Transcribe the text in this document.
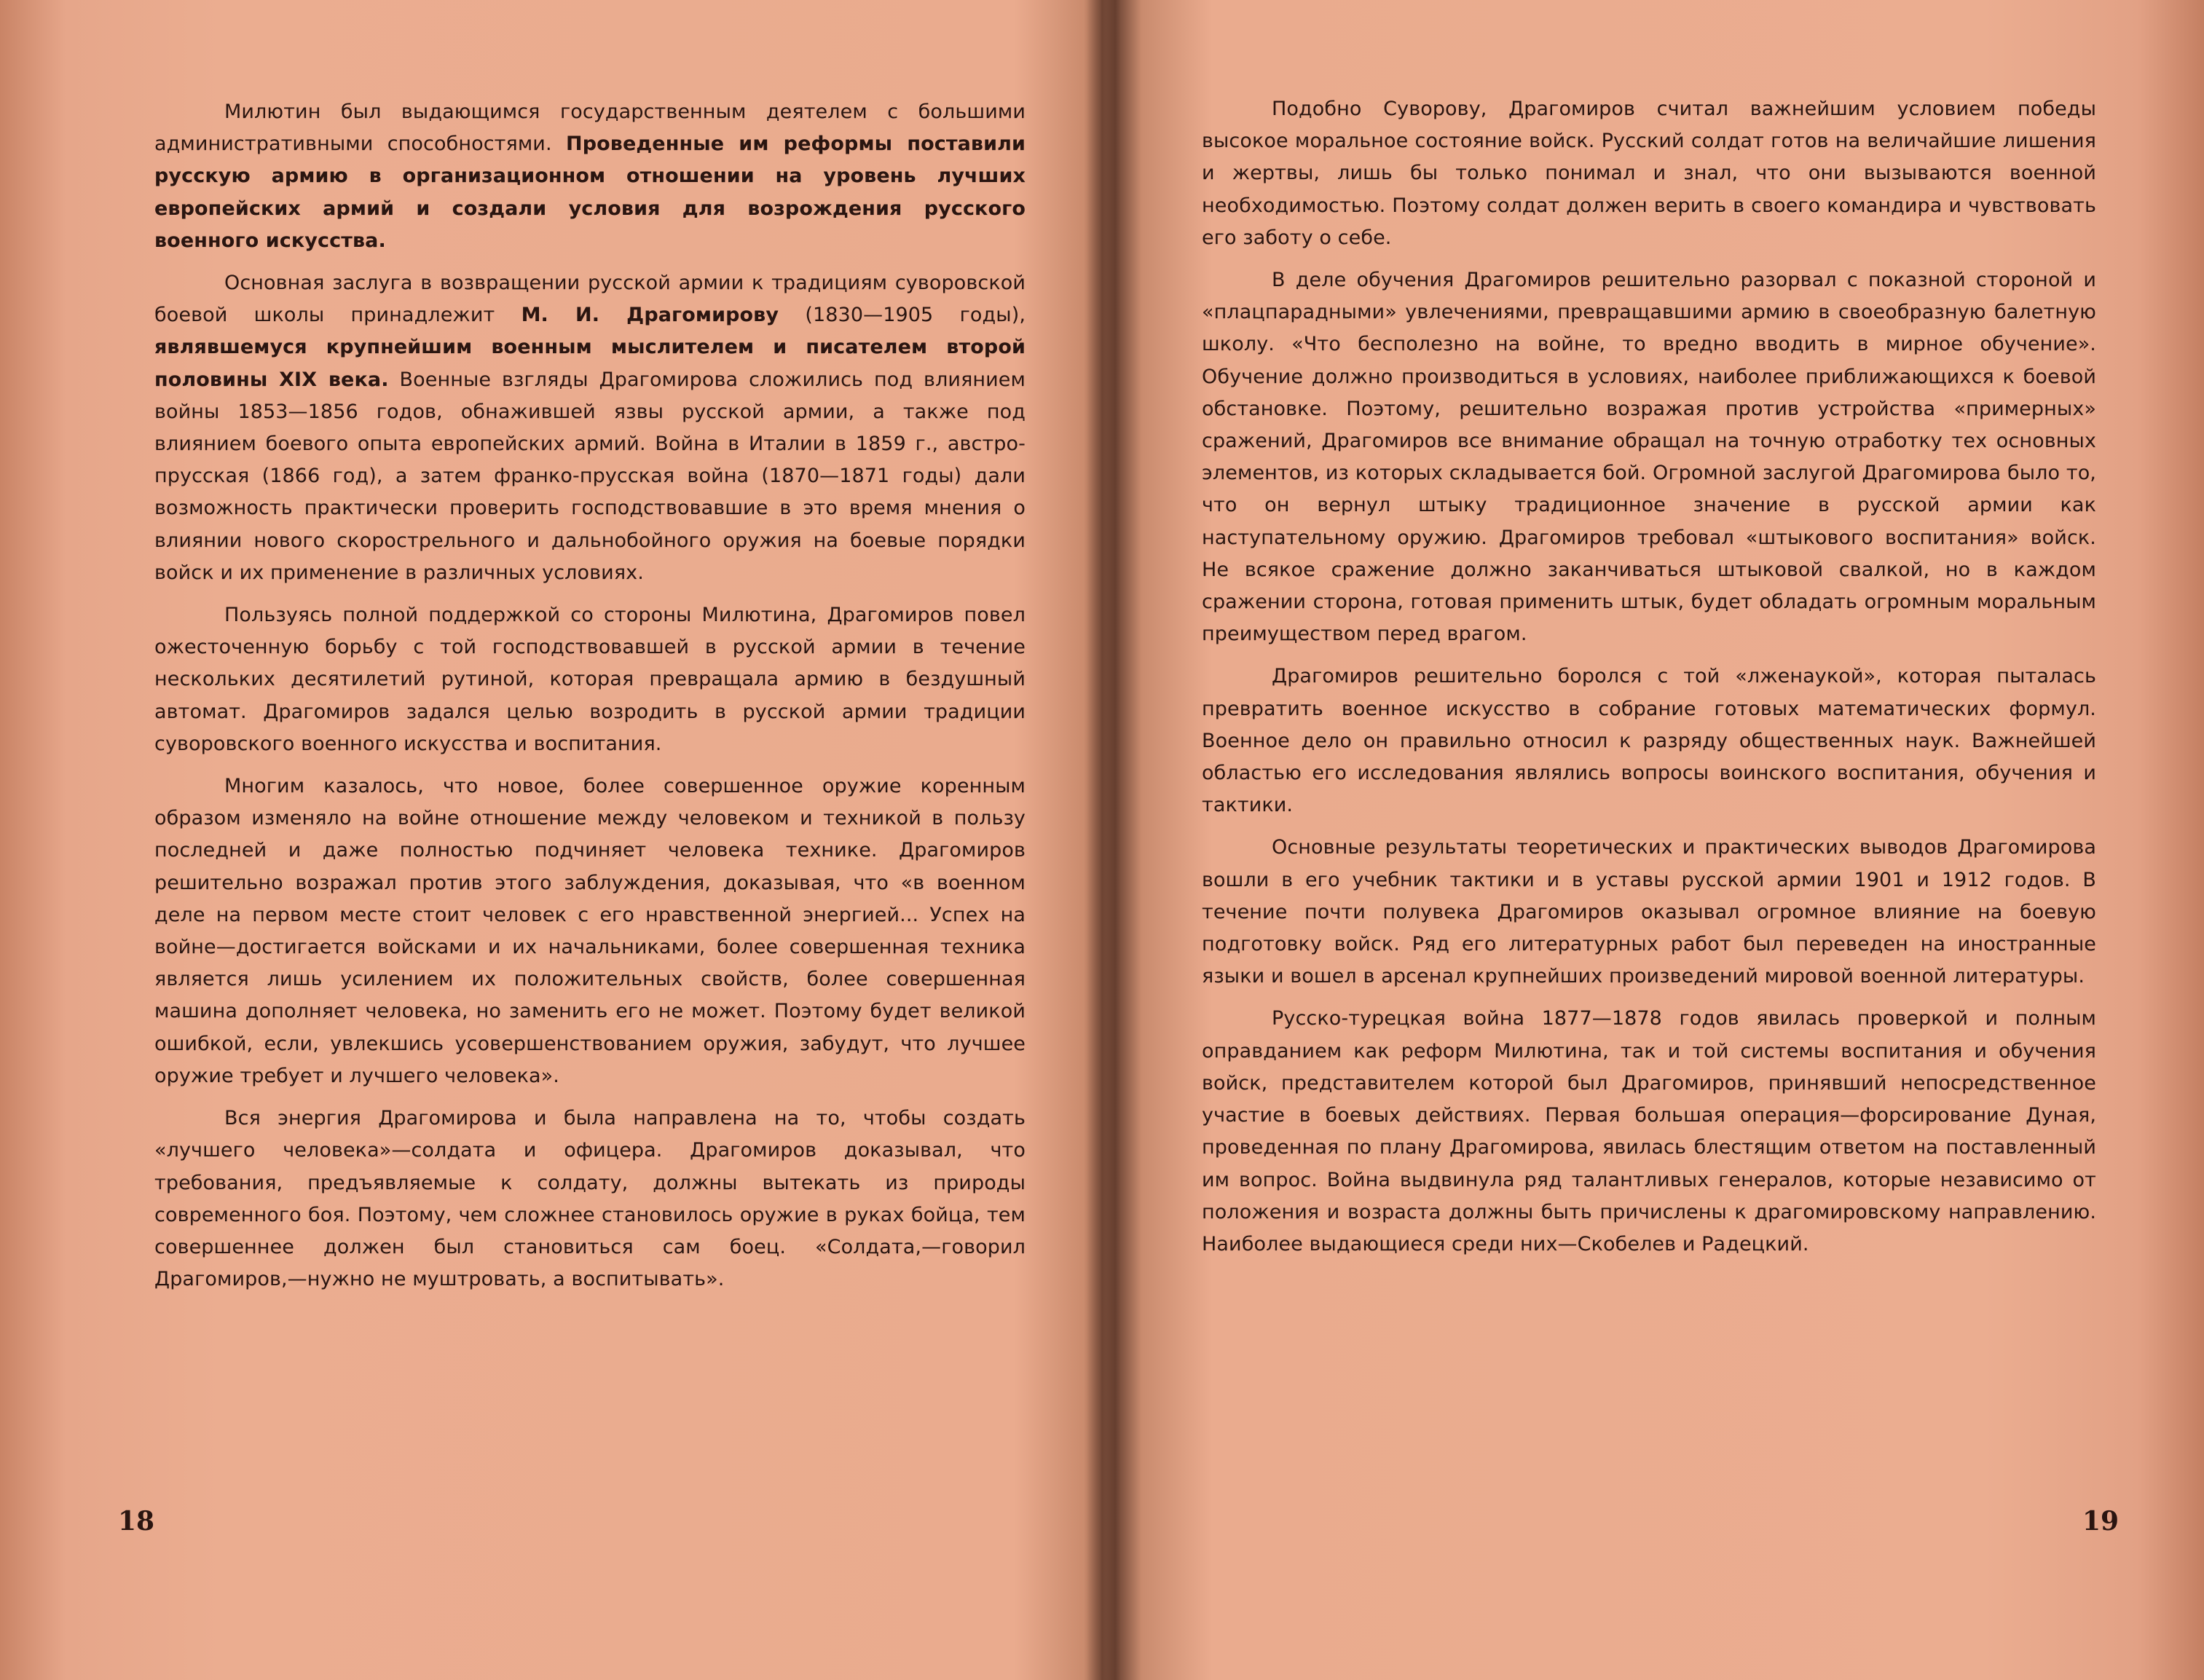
Милютин был выдающимся государственным деятелем с большими административными способностями. Проведенные им реформы поставили русскую армию в организационном отношении на уровень лучших европейских армий и создали условия для возрождения русского военного искусства.

Основная заслуга в возвращении русской армии к традициям суворовской боевой школы принадлежит М. И. Драгомирову (1830—1905 годы), являвшемуся крупнейшим военным мыслителем и писателем второй половины XIX века. Военные взгляды Драгомирова сложились под влиянием войны 1853—1856 годов, обнажившей язвы русской армии, а также под влиянием боевого опыта европейских армий. Война в Италии в 1859 г., австро-прусская (1866 год), а затем франко-прусская война (1870—1871 годы) дали возможность практически проверить господствовавшие в это время мнения о влиянии нового скорострельного и дальнобойного оружия на боевые порядки войск и их применение в различных условиях.

Пользуясь полной поддержкой со стороны Милютина, Драгомиров повел ожесточенную борьбу с той господствовавшей в русской армии в течение нескольких десятилетий рутиной, которая превращала армию в бездушный автомат. Драгомиров задался целью возродить в русской армии традиции суворовского военного искусства и воспитания.

Многим казалось, что новое, более совершенное оружие коренным образом изменяло на войне отношение между человеком и техникой в пользу последней и даже полностью подчиняет человека технике. Драгомиров решительно возражал против этого заблуждения, доказывая, что «в военном деле на первом месте стоит человек с его нравственной энергией... Успех на войне—достигается войсками и их начальниками, более совершенная техника является лишь усилением их положительных свойств, более совершенная машина дополняет человека, но заменить его не может. Поэтому будет великой ошибкой, если, увлекшись усовершенствованием оружия, забудут, что лучшее оружие требует и лучшего человека».

Вся энергия Драгомирова и была направлена на то, чтобы создать «лучшего человека»—солдата и офицера. Драгомиров доказывал, что требования, предъявляемые к солдату, должны вытекать из природы современного боя. Поэтому, чем сложнее становилось оружие в руках бойца, тем совершеннее должен был становиться сам боец. «Солдата,—говорил Драгомиров,—нужно не муштровать, а воспитывать».

18

Подобно Суворову, Драгомиров считал важнейшим условием победы высокое моральное состояние войск. Русский солдат готов на величайшие лишения и жертвы, лишь бы только понимал и знал, что они вызываются военной необходимостью. Поэтому солдат должен верить в своего командира и чувствовать его заботу о себе.

В деле обучения Драгомиров решительно разорвал с показной стороной и «плацпарадными» увлечениями, превращавшими армию в своеобразную балетную школу. «Что бесполезно на войне, то вредно вводить в мирное обучение». Обучение должно производиться в условиях, наиболее приближающихся к боевой обстановке. Поэтому, решительно возражая против устройства «примерных» сражений, Драгомиров все внимание обращал на точную отработку тех основных элементов, из которых складывается бой. Огромной заслугой Драгомирова было то, что он вернул штыку традиционное значение в русской армии как наступательному оружию. Драгомиров требовал «штыкового воспитания» войск. Не всякое сражение должно заканчиваться штыковой свалкой, но в каждом сражении сторона, готовая применить штык, будет обладать огромным моральным преимуществом перед врагом.

Драгомиров решительно боролся с той «лженаукой», которая пыталась превратить военное искусство в собрание готовых математических формул. Военное дело он правильно относил к разряду общественных наук. Важнейшей областью его исследования являлись вопросы воинского воспитания, обучения и тактики.

Основные результаты теоретических и практических выводов Драгомирова вошли в его учебник тактики и в уставы русской армии 1901 и 1912 годов. В течение почти полувека Драгомиров оказывал огромное влияние на боевую подготовку войск. Ряд его литературных работ был переведен на иностранные языки и вошел в арсенал крупнейших произведений мировой военной литературы.

Русско-турецкая война 1877—1878 годов явилась проверкой и полным оправданием как реформ Милютина, так и той системы воспитания и обучения войск, представителем которой был Драгомиров, принявший непосредственное участие в боевых действиях. Первая большая операция—форсирование Дуная, проведенная по плану Драгомирова, явилась блестящим ответом на поставленный им вопрос. Война выдвинула ряд талантливых генералов, которые независимо от положения и возраста должны быть причислены к драгомировскому направлению. Наиболее выдающиеся среди них—Скобелев и Радецкий.

19
